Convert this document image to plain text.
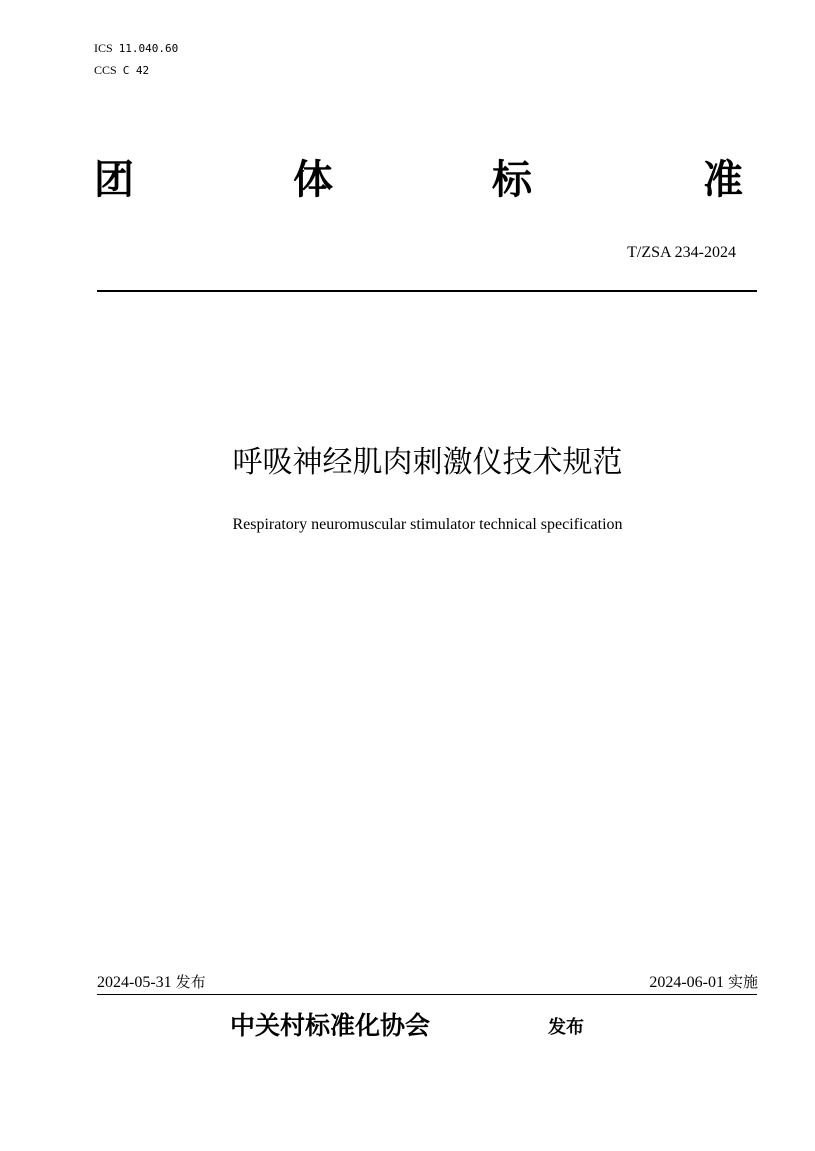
ICS 11.040.60
CCS C 42
团	体	标	准
T/ZSA 234-2024
呼吸神经肌肉刺激仪技术规范
Respiratory neuromuscular stimulator technical specification
2024-05-31 发布	2024-06-01 实施
中关村标准化协会	发布
